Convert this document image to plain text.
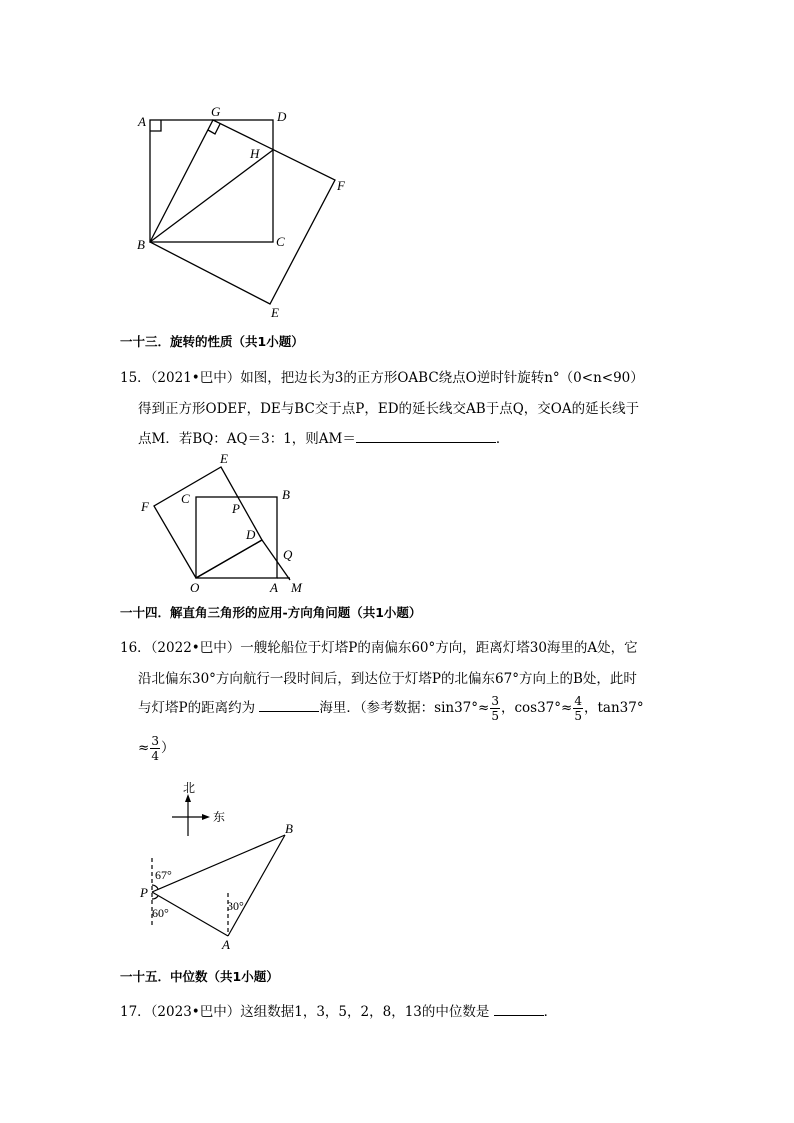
A
G	D
H
F
B	C
E
一十三．旋转的性质（共1小题）
15．（2021•巴中）如图，把边长为3的正方形OABC绕点O逆时针旋转n°（0<n<90）
得到正方形ODEF，DE与BC交于点P，ED的延长线交AB于点Q，交OA的延长线于
点M．若BQ：AQ＝3：1，则AM＝	．
E
C	B
F	P
D
Q
O	A M
一十四．解直角三角形的应用-方向角问题（共1小题）
16．（2022•巴中）一艘轮船位于灯塔P的南偏东60°方向，距离灯塔30海里的A处，它
沿北偏东30°方向航行一段时间后，到达位于灯塔P的北偏东67°方向上的B处，此时
与灯塔P的距离约为	海里．（参考数据：$\sin 37^\circ\approx \frac{3}{5}$ ，$\cos 37^\circ\approx \frac{4}{5}$ ，tan37°
≈ $\frac{3}{4}$ ）
北
东
B
P
A
67°
60°	30°
一十五．中位数（共1小题）
17．（2023•巴中）这组数据1，3，5，2，8，13的中位数是	．
